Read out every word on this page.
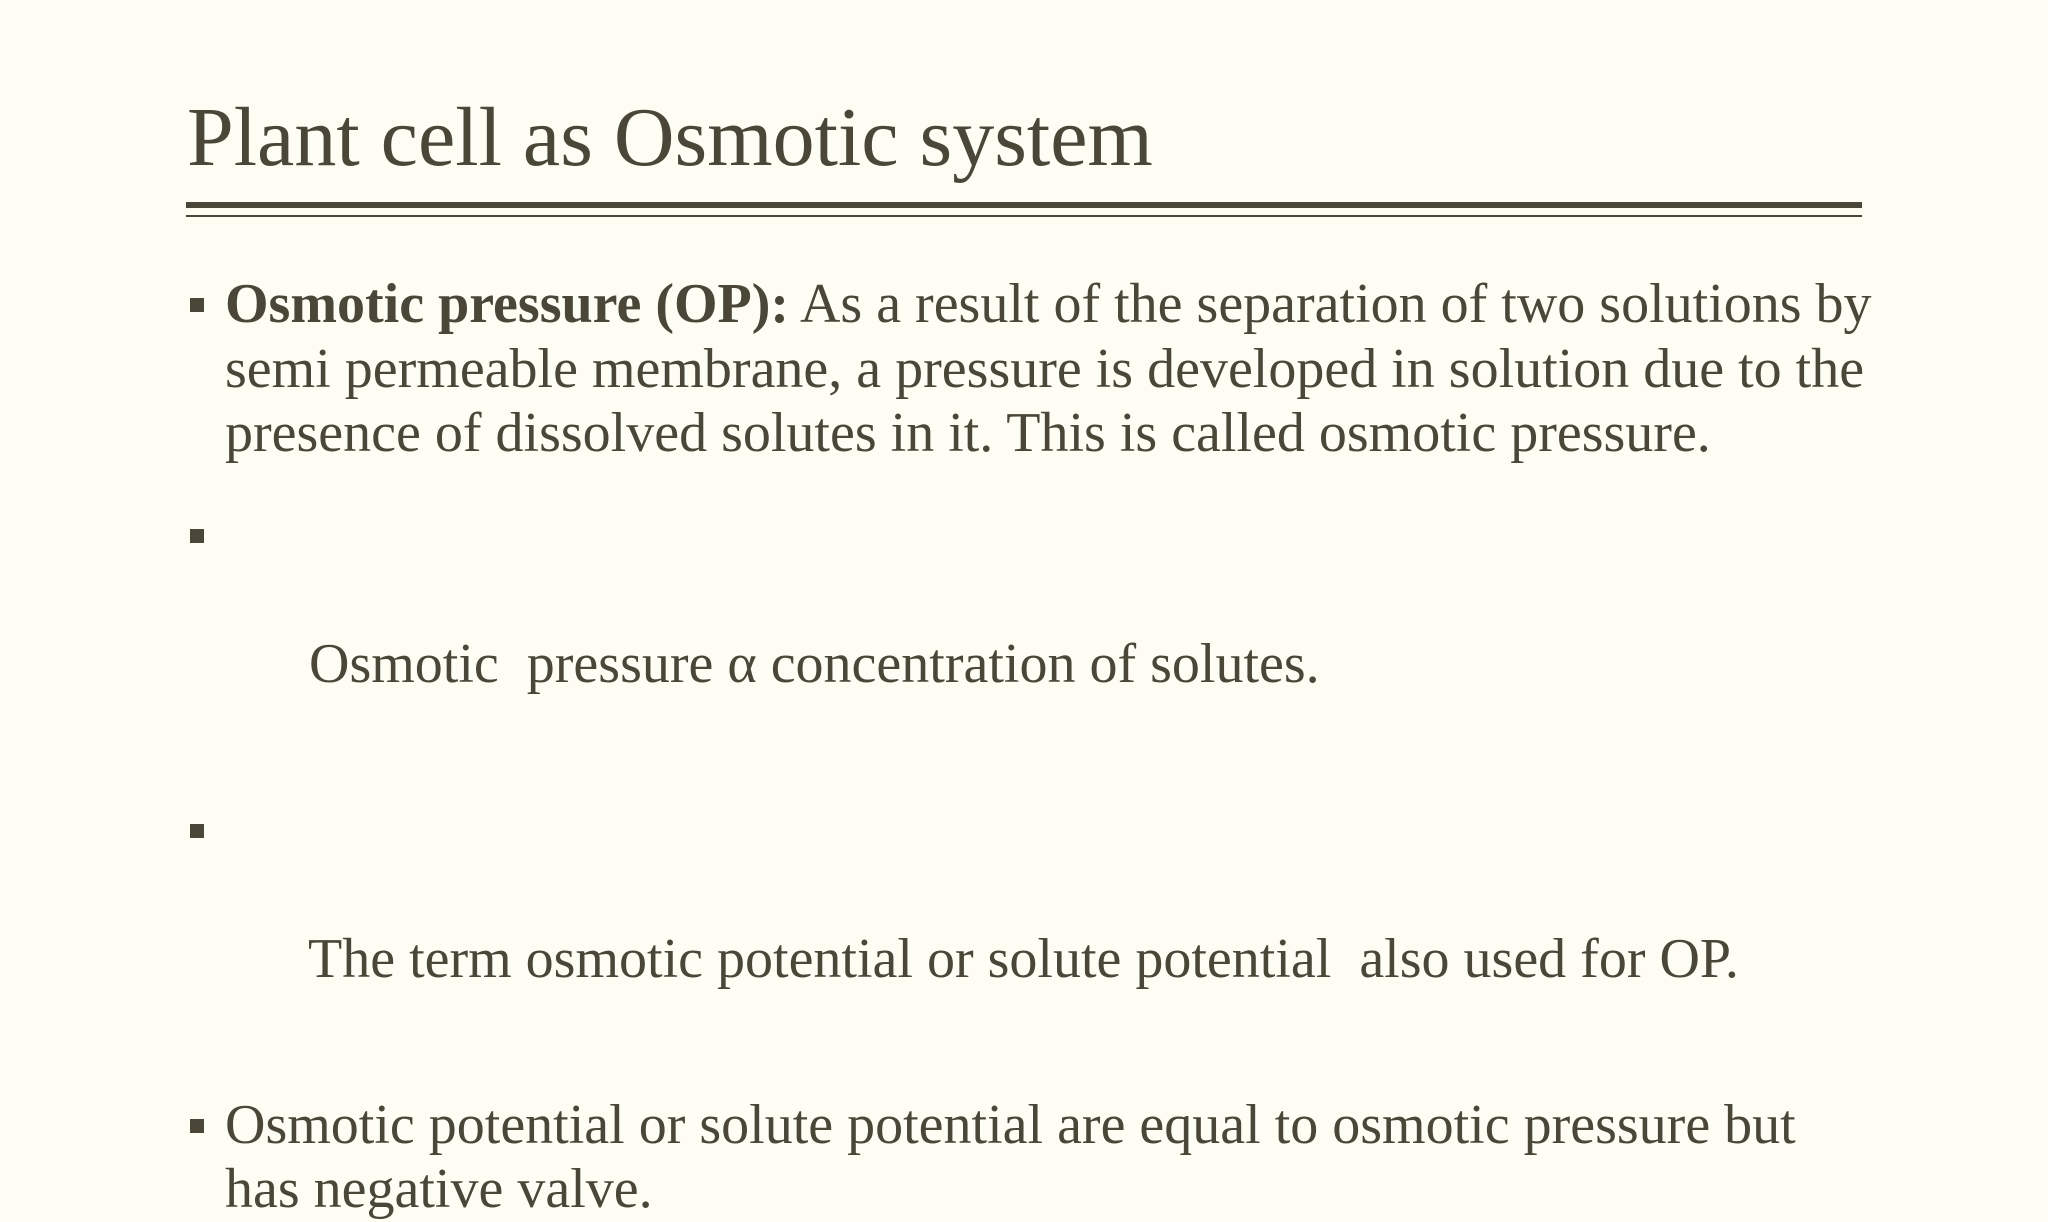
Plant cell as Osmotic system
Osmotic pressure (OP): As a result of the separation of two solutions by semi permeable membrane, a pressure is developed in solution due to the presence of dissolved solutes in it. This is called osmotic pressure.

Osmotic  pressure α concentration of solutes.

The term osmotic potential or solute potential  also used for OP.

Osmotic potential or solute potential are equal to osmotic pressure but has negative valve.
